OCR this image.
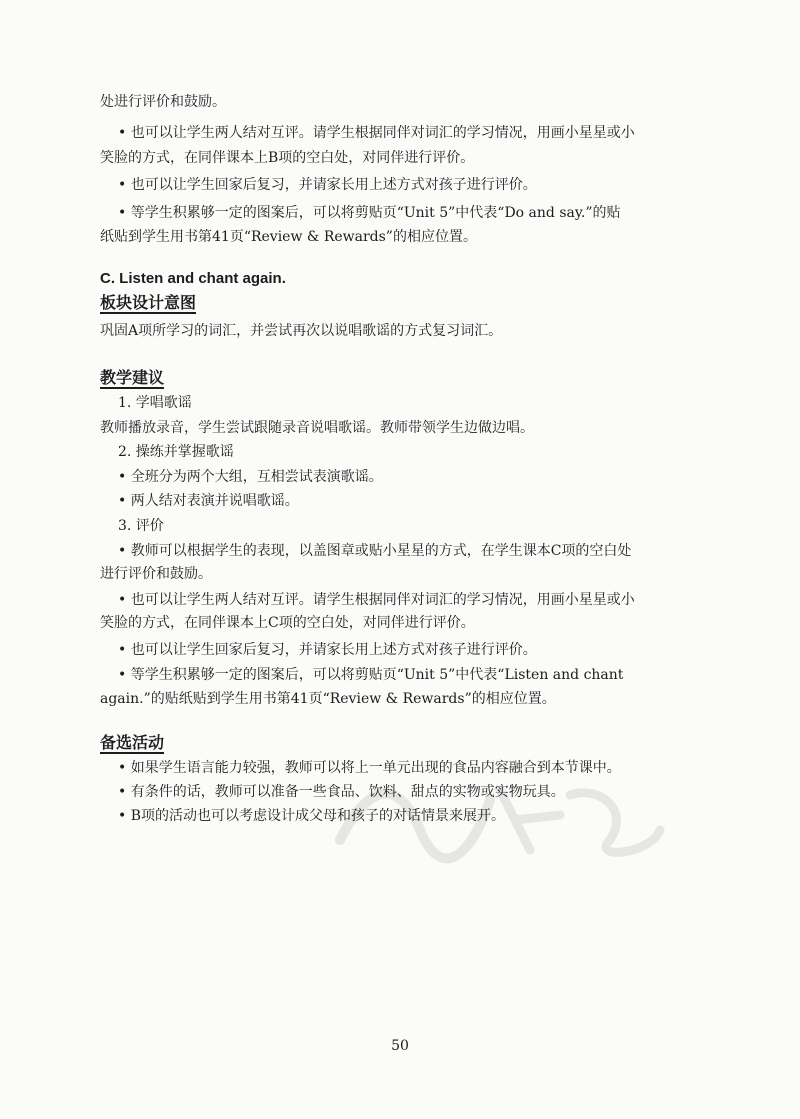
处进行评价和鼓励。

• 也可以让学生两人结对互评。请学生根据同伴对词汇的学习情况，用画小星星或小

笑脸的方式，在同伴课本上B项的空白处，对同伴进行评价。

• 也可以让学生回家后复习，并请家长用上述方式对孩子进行评价。

• 等学生积累够一定的图案后，可以将剪贴页“Unit 5”中代表“Do and say.”的贴

纸贴到学生用书第41页“Review & Rewards”的相应位置。

C. Listen and chant again.

板块设计意图

巩固A项所学习的词汇，并尝试再次以说唱歌谣的方式复习词汇。

教学建议

1. 学唱歌谣

教师播放录音，学生尝试跟随录音说唱歌谣。教师带领学生边做边唱。

2. 操练并掌握歌谣

• 全班分为两个大组，互相尝试表演歌谣。

• 两人结对表演并说唱歌谣。

3. 评价

• 教师可以根据学生的表现，以盖图章或贴小星星的方式，在学生课本C项的空白处

进行评价和鼓励。

• 也可以让学生两人结对互评。请学生根据同伴对词汇的学习情况，用画小星星或小

笑脸的方式，在同伴课本上C项的空白处，对同伴进行评价。

• 也可以让学生回家后复习，并请家长用上述方式对孩子进行评价。

• 等学生积累够一定的图案后，可以将剪贴页“Unit 5”中代表“Listen and chant

again.”的贴纸贴到学生用书第41页“Review & Rewards”的相应位置。

备选活动

• 如果学生语言能力较强，教师可以将上一单元出现的食品内容融合到本节课中。

• 有条件的话，教师可以准备一些食品、饮料、甜点的实物或实物玩具。

• B项的活动也可以考虑设计成父母和孩子的对话情景来展开。

50
